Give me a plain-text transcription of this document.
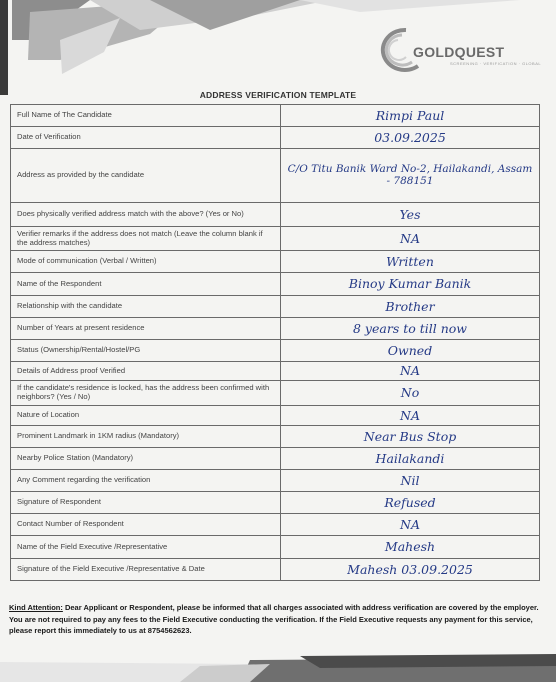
GOLDQUEST
SCREENING · VERIFICATION · GLOBAL
ADDRESS VERIFICATION TEMPLATE
Full Name of The Candidate	Rimpi Paul
Date of Verification	03.09.2025
Address as provided by the candidate	C/O Titu Banik Ward No-2, Hailakandi, Assam - 788151
Does physically verified address match with the above? (Yes or No)	Yes
Verifier remarks if the address does not match (Leave the column blank if the address matches)	NA
Mode of communication (Verbal / Written)	Written
Name of the Respondent	Binoy Kumar Banik
Relationship with the candidate	Brother
Number of Years at present residence	8 years to till now
Status (Ownership/Rental/Hostel/PG	Owned
Details of Address proof Verified	NA
If the candidate's residence is locked, has the address been confirmed with neighbors? (Yes / No)	No
Nature of Location	NA
Prominent Landmark in 1KM radius (Mandatory)	Near Bus Stop
Nearby Police Station (Mandatory)	Hailakandi
Any Comment regarding the verification	Nil
Signature of Respondent	Refused
Contact Number of Respondent	NA
Name of the Field Executive /Representative	Mahesh
Signature of the Field Executive /Representative & Date	Mahesh 03.09.2025
Kind Attention: Dear Applicant or Respondent, please be informed that all charges associated with address verification are covered by the employer. You are not required to pay any fees to the Field Executive conducting the verification. If the Field Executive requests any payment for this service, please report this immediately to us at 8754562623.
